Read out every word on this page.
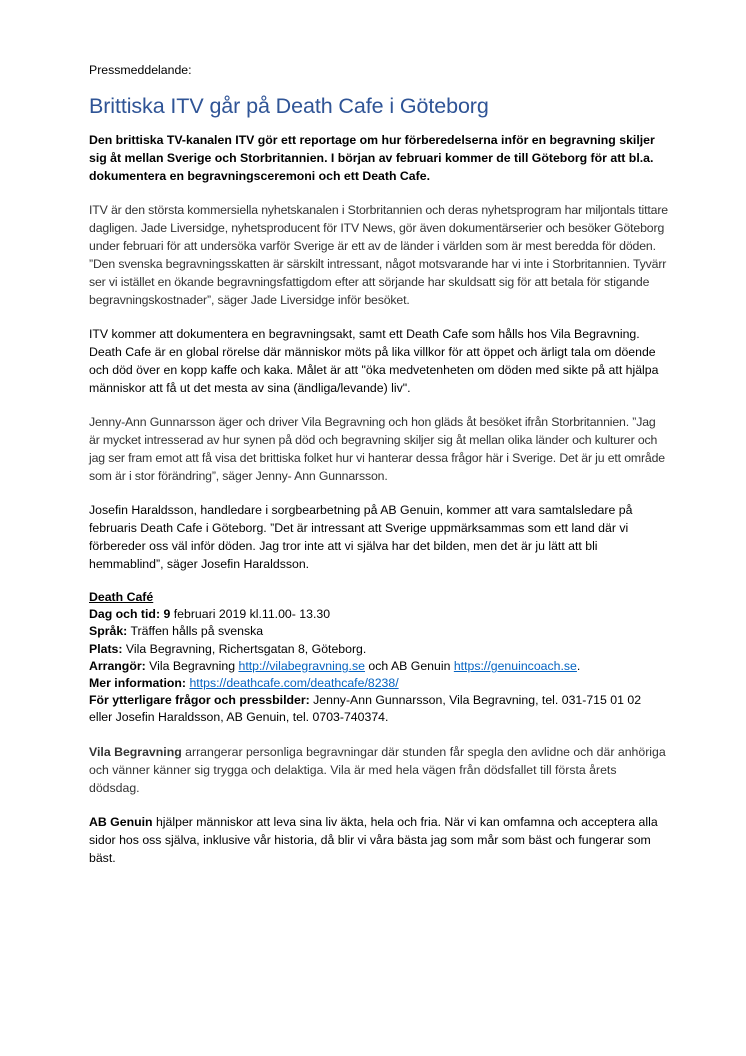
Pressmeddelande:
Brittiska ITV går på Death Cafe i Göteborg
Den brittiska TV-kanalen ITV gör ett reportage om hur förberedelserna inför en begravning skiljer sig åt mellan Sverige och Storbritannien. I början av februari kommer de till Göteborg för att bl.a. dokumentera en begravningsceremoni och ett Death Cafe.

ITV är den största kommersiella nyhetskanalen i Storbritannien och deras nyhetsprogram har miljontals tittare dagligen. Jade Liversidge, nyhetsproducent för ITV News, gör även dokumentärserier och besöker Göteborg under februari för att undersöka varför Sverige är ett av de länder i världen som är mest beredda för döden. ”Den svenska begravningsskatten är särskilt intressant, något motsvarande har vi inte i Storbritannien. Tyvärr ser vi istället en ökande begravningsfattigdom efter att sörjande har skuldsatt sig för att betala för stigande begravningskostnader”, säger Jade Liversidge inför besöket.

ITV kommer att dokumentera en begravningsakt, samt ett Death Cafe som hålls hos Vila Begravning. Death Cafe är en global rörelse där människor möts på lika villkor för att öppet och ärligt tala om döende och död över en kopp kaffe och kaka. Målet är att "öka medvetenheten om döden med sikte på att hjälpa människor att få ut det mesta av sina (ändliga/levande) liv".

Jenny-Ann Gunnarsson äger och driver Vila Begravning och hon gläds åt besöket ifrån Storbritannien. ”Jag är mycket intresserad av hur synen på död och begravning skiljer sig åt mellan olika länder och kulturer och jag ser fram emot att få visa det brittiska folket hur vi hanterar dessa frågor här i Sverige. Det är ju ett område som är i stor förändring”, säger Jenny- Ann Gunnarsson.

Josefin Haraldsson, handledare i sorgbearbetning på AB Genuin, kommer att vara samtalsledare på februaris Death Cafe i Göteborg. ”Det är intressant att Sverige uppmärksammas som ett land där vi förbereder oss väl inför döden. Jag tror inte att vi själva har det bilden, men det är ju lätt att bli hemmablind”, säger Josefin Haraldsson.

Death Café
Dag och tid: 9 februari 2019 kl.11.00- 13.30
Språk: Träffen hålls på svenska
Plats: Vila Begravning, Richertsgatan 8, Göteborg.
Arrangör: Vila Begravning http://vilabegravning.se och AB Genuin https://genuincoach.se.
Mer information: https://deathcafe.com/deathcafe/8238/
För ytterligare frågor och pressbilder: Jenny-Ann Gunnarsson, Vila Begravning, tel. 031-715 01 02
eller Josefin Haraldsson, AB Genuin, tel. 0703-740374.

Vila Begravning arrangerar personliga begravningar där stunden får spegla den avlidne och där anhöriga och vänner känner sig trygga och delaktiga. Vila är med hela vägen från dödsfallet till första årets dödsdag.

AB Genuin hjälper människor att leva sina liv äkta, hela och fria. När vi kan omfamna och acceptera alla sidor hos oss själva, inklusive vår historia, då blir vi våra bästa jag som mår som bäst och fungerar som bäst.
